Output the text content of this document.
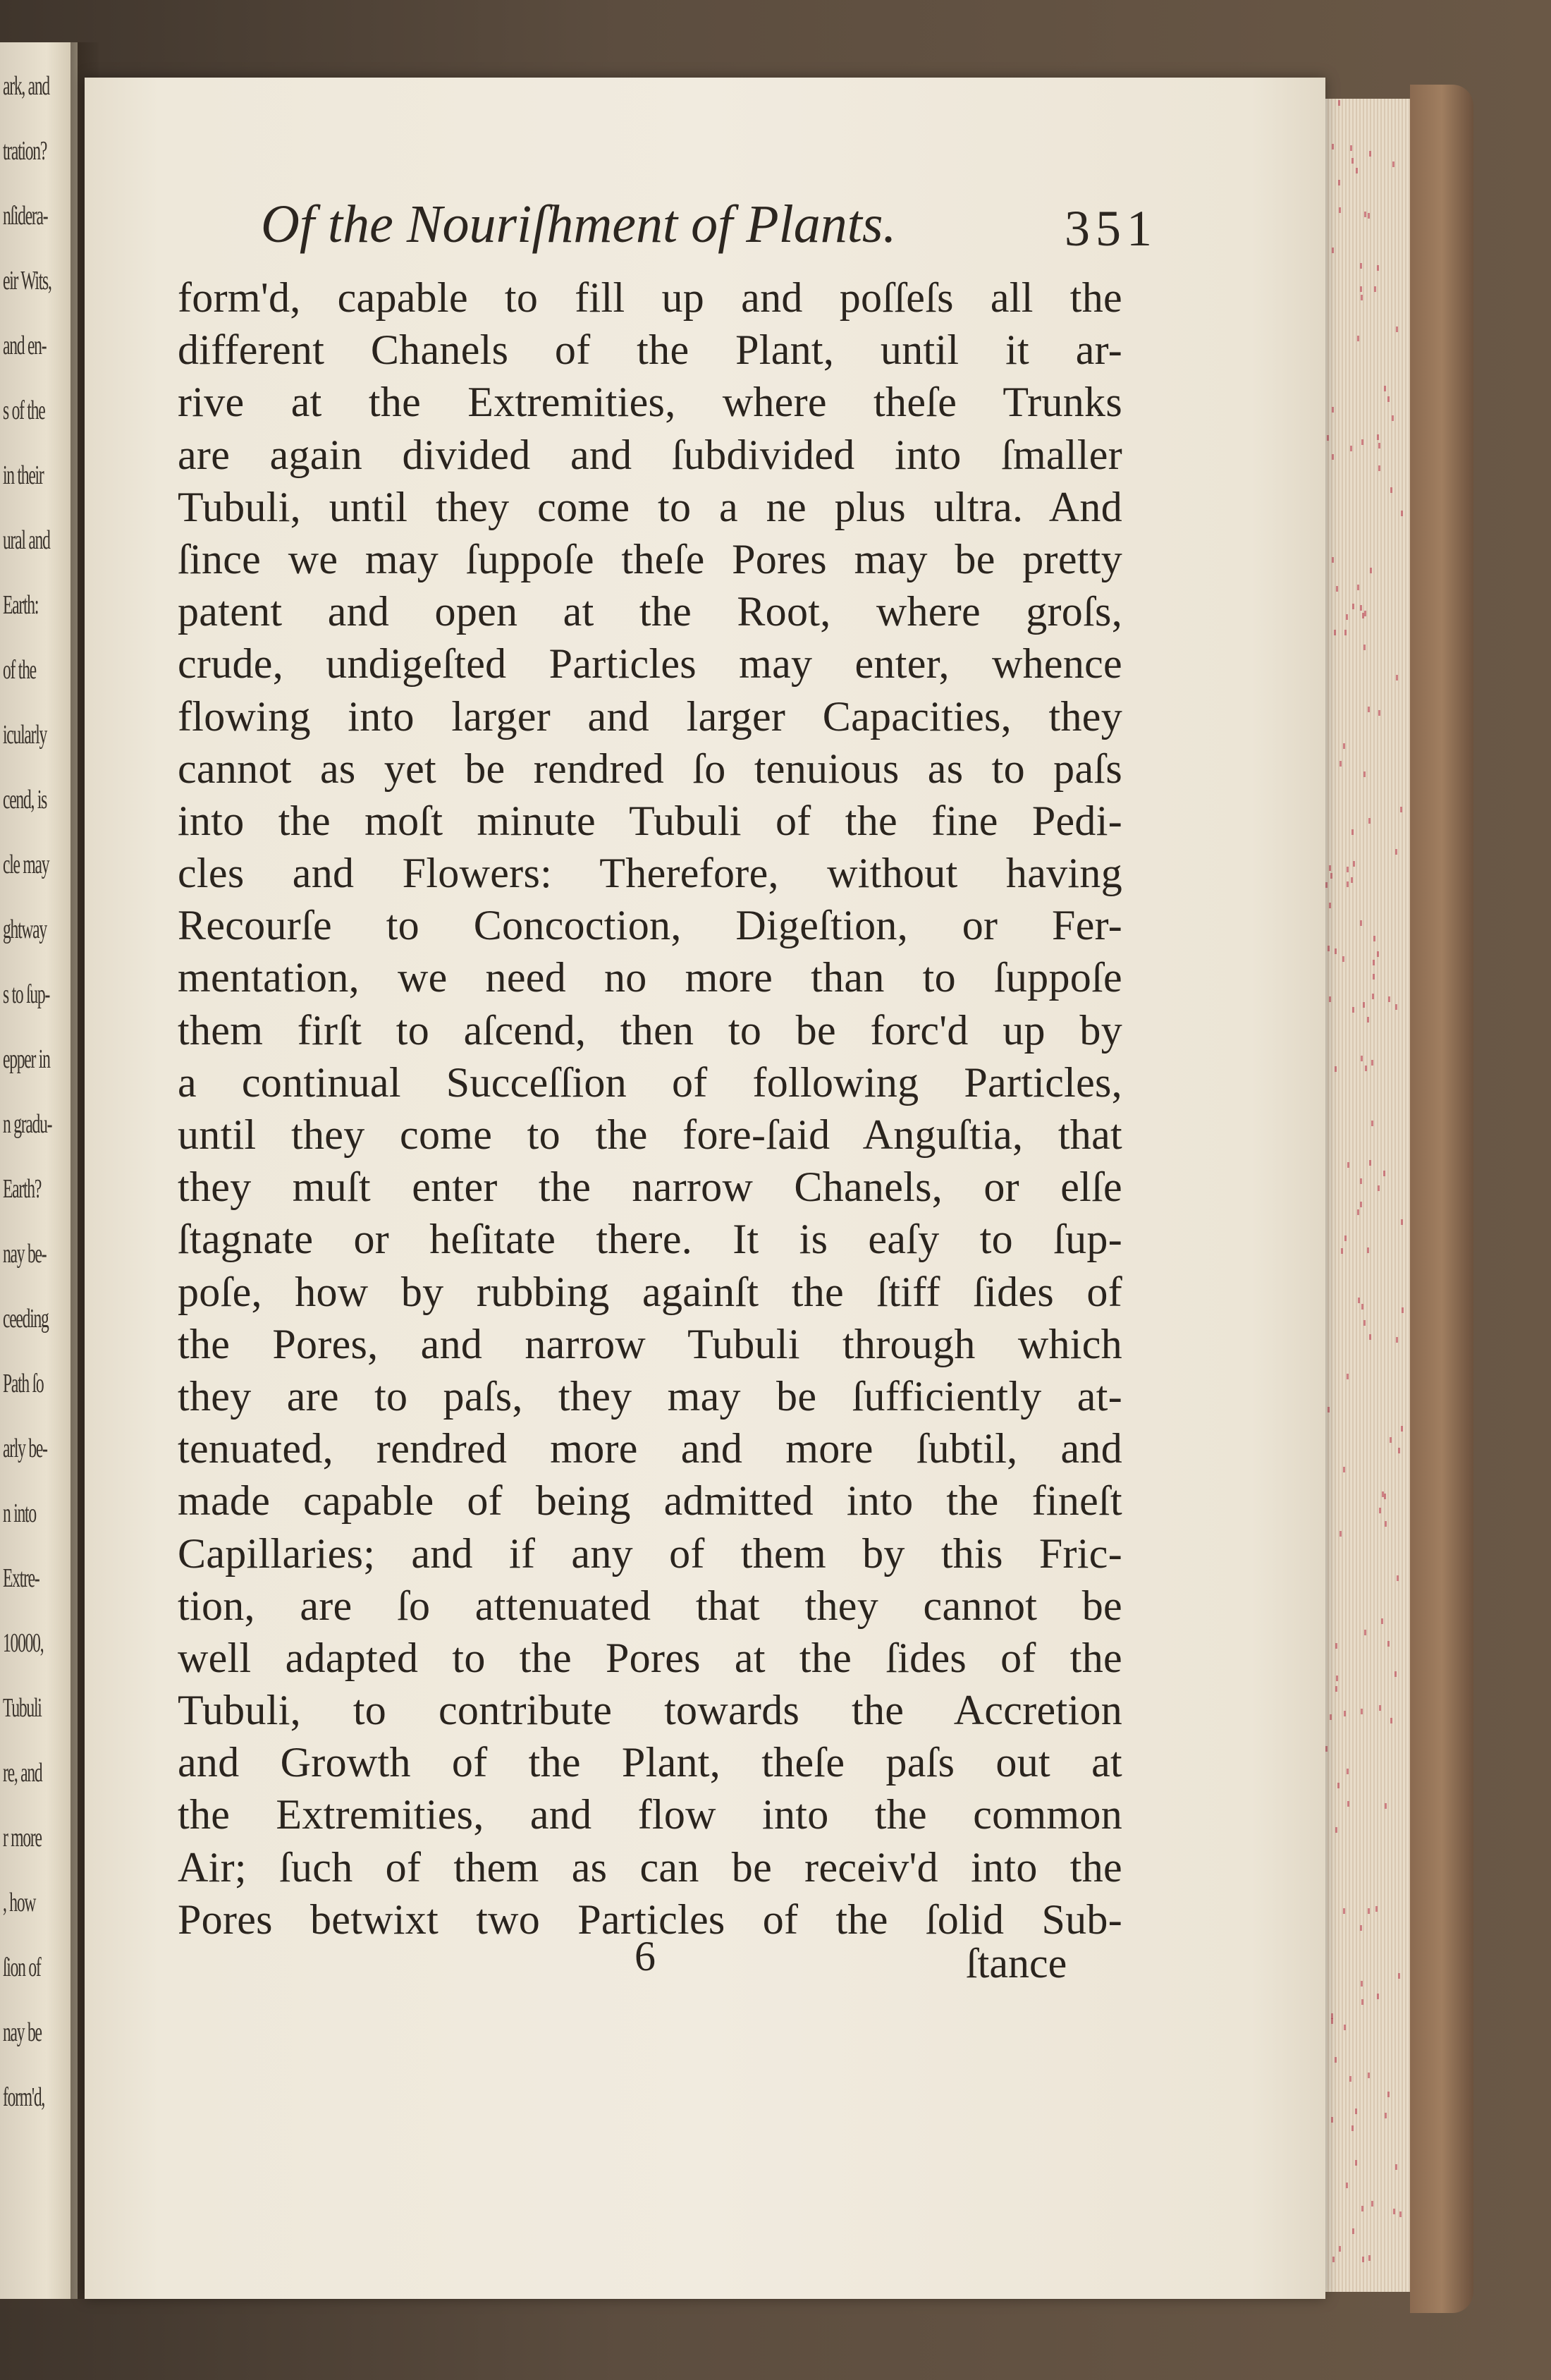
ark, and
tration?
nſidera-
eir Wits,
and en-
s of the
in their
ural and
Earth:
of the
icularly
cend, is
cle may
ghtway
s to ſup-
epper in
n gradu-
Earth?
nay be-
ceeding
Path ſo
arly be-
n into
Extre-
10000,
Tubuli
re, and
r more
, how
ſion of
nay be
form'd,
Of the Nouriſhment of Plants.	351
form'd, capable to fill up and poſſeſs all the
different Chanels of the Plant, until it ar-
rive at the Extremities, where theſe Trunks
are again divided and ſubdivided into ſmaller
Tubuli, until they come to a ne plus ultra. And
ſince we may ſuppoſe theſe Pores may be pretty
patent and open at the Root, where groſs,
crude, undigeſted Particles may enter, whence
flowing into larger and larger Capacities, they
cannot as yet be rendred ſo tenuious as to paſs
into the moſt minute Tubuli of the fine Pedi-
cles and Flowers: Therefore, without having
Recourſe to Concoction, Digeſtion, or Fer-
mentation, we need no more than to ſuppoſe
them firſt to aſcend, then to be forc'd up by
a continual Succeſſion of following Particles,
until they come to the fore-ſaid Anguſtia, that
they muſt enter the narrow Chanels, or elſe
ſtagnate or heſitate there. It is eaſy to ſup-
poſe, how by rubbing againſt the ſtiff ſides of
the Pores, and narrow Tubuli through which
they are to paſs, they may be ſufficiently at-
tenuated, rendred more and more ſubtil, and
made capable of being admitted into the fineſt
Capillaries; and if any of them by this Fric-
tion, are ſo attenuated that they cannot be
well adapted to the Pores at the ſides of the
Tubuli, to contribute towards the Accretion
and Growth of the Plant, theſe paſs out at
the Extremities, and flow into the common
Air; ſuch of them as can be receiv'd into the
Pores betwixt two Particles of the ſolid Sub-
6	ſtance
